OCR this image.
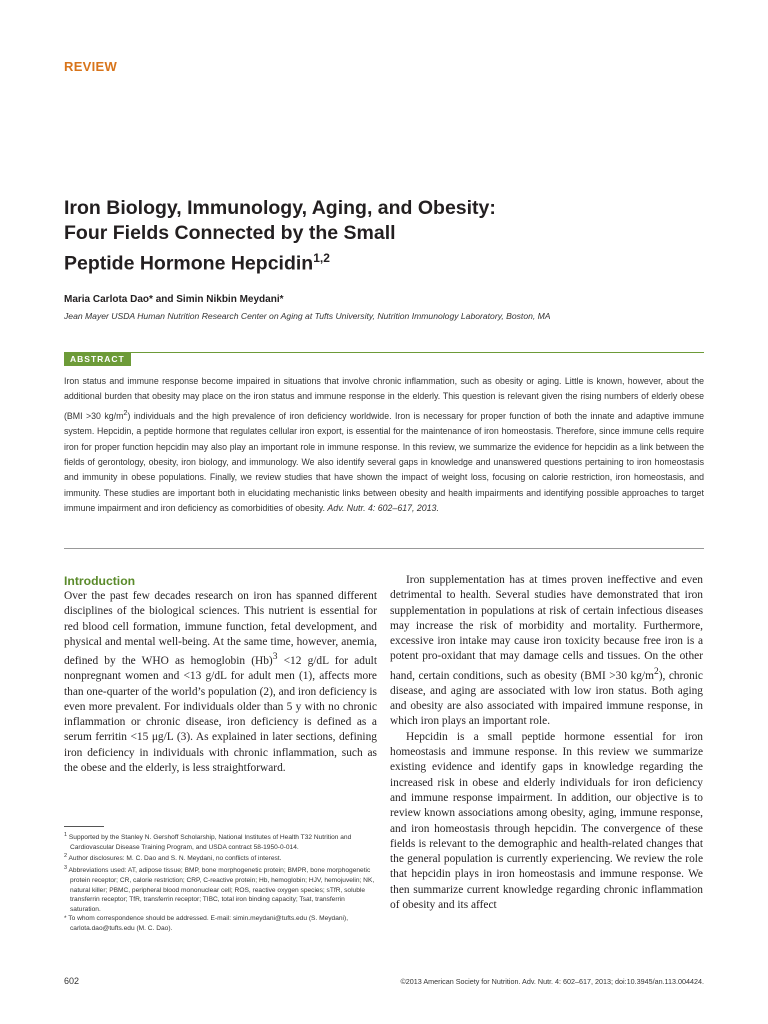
REVIEW
Iron Biology, Immunology, Aging, and Obesity:
Four Fields Connected by the Small
Peptide Hormone Hepcidin$^{1,2}$
Maria Carlota Dao* and Simin Nikbin Meydani*
Jean Mayer USDA Human Nutrition Research Center on Aging at Tufts University, Nutrition Immunology Laboratory, Boston, MA
ABSTRACT
Iron status and immune response become impaired in situations that involve chronic inflammation, such as obesity or aging. Little is known, however, about the additional burden that obesity may place on the iron status and immune response in the elderly. This question is relevant given the rising numbers of elderly obese (BMI >30 $kg/m^2$) individuals and the high prevalence of iron deficiency worldwide. Iron is necessary for proper function of both the innate and adaptive immune system. Hepcidin, a peptide hormone that regulates cellular iron export, is essential for the maintenance of iron homeostasis. Therefore, since immune cells require iron for proper function hepcidin may also play an important role in immune response. In this review, we summarize the evidence for hepcidin as a link between the fields of gerontology, obesity, iron biology, and immunology. We also identify several gaps in knowledge and unanswered questions pertaining to iron homeostasis and immunity in obese populations. Finally, we review studies that have shown the impact of weight loss, focusing on calorie restriction, iron homeostasis, and immunity. These studies are important both in elucidating mechanistic links between obesity and health impairments and identifying possible approaches to target immune impairment and iron deficiency as comorbidities of obesity. Adv. Nutr. 4: 602–617, 2013.
Introduction

Over the past few decades research on iron has spanned different disciplines of the biological sciences. This nutrient is essential for red blood cell formation, immune function, fetal development, and physical and mental well-being. At the same time, however, anemia, defined by the WHO as hemoglobin $(Hb)^3 <12$ g/dL for adult nonpregnant women and <13 g/dL for adult men (1), affects more than one-quarter of the world’s population (2), and iron deficiency is even more prevalent. For individuals older than 5 y with no chronic inflammation or chronic disease, iron deficiency is defined as a serum ferritin <15 μg/L (3). As explained in later sections, defining iron deficiency in individuals with chronic inflammation, such as the obese and the elderly, is less straightforward.

Iron supplementation has at times proven ineffective and even detrimental to health. Several studies have demonstrated that iron supplementation in populations at risk of certain infectious diseases may increase the risk of morbidity and mortality. Furthermore, excessive iron intake may cause iron toxicity because free iron is a potent pro-oxidant that may damage cells and tissues. On the other hand, certain conditions, such as obesity (BMI >30 $kg/m^2$), chronic disease, and aging are associated with low iron status. Both aging and obesity are also associated with impaired immune response, in which iron plays an important role.

Hepcidin is a small peptide hormone essential for iron homeostasis and immune response. In this review we summarize existing evidence and identify gaps in knowledge regarding the increased risk in obese and elderly individuals for iron deficiency and immune response impairment. In addition, our objective is to review known associations among obesity, aging, immune response, and iron homeostasis through hepcidin. The convergence of these fields is relevant to the demographic and health-related changes that the general population is currently experiencing. We review the role that hepcidin plays in iron homeostasis and immune response. We then summarize current knowledge regarding chronic inflammation of obesity and its affect

$^1$ Supported by the Stanley N. Gershoff Scholarship, National Institutes of Health T32 Nutrition and Cardiovascular Disease Training Program, and USDA contract 58-1950-0-014.
$^2$ Author disclosures: M. C. Dao and S. N. Meydani, no conflicts of interest.
$^3$ Abbreviations used: AT, adipose tissue; BMP, bone morphogenetic protein; BMPR, bone morphogenetic protein receptor; CR, calorie restriction; CRP, C-reactive protein; Hb, hemoglobin; HJV, hemojuvelin; NK, natural killer; PBMC, peripheral blood mononuclear cell; ROS, reactive oxygen species; sTfR, soluble transferrin receptor; TfR, transferrin receptor; TIBC, total iron binding capacity; Tsat, transferrin saturation.
* To whom correspondence should be addressed. E-mail: simin.meydani@tufts.edu (S. Meydani), carlota.dao@tufts.edu (M. C. Dao).
602	©2013 American Society for Nutrition. Adv. Nutr. 4: 602–617, 2013; doi:10.3945/an.113.004424.
